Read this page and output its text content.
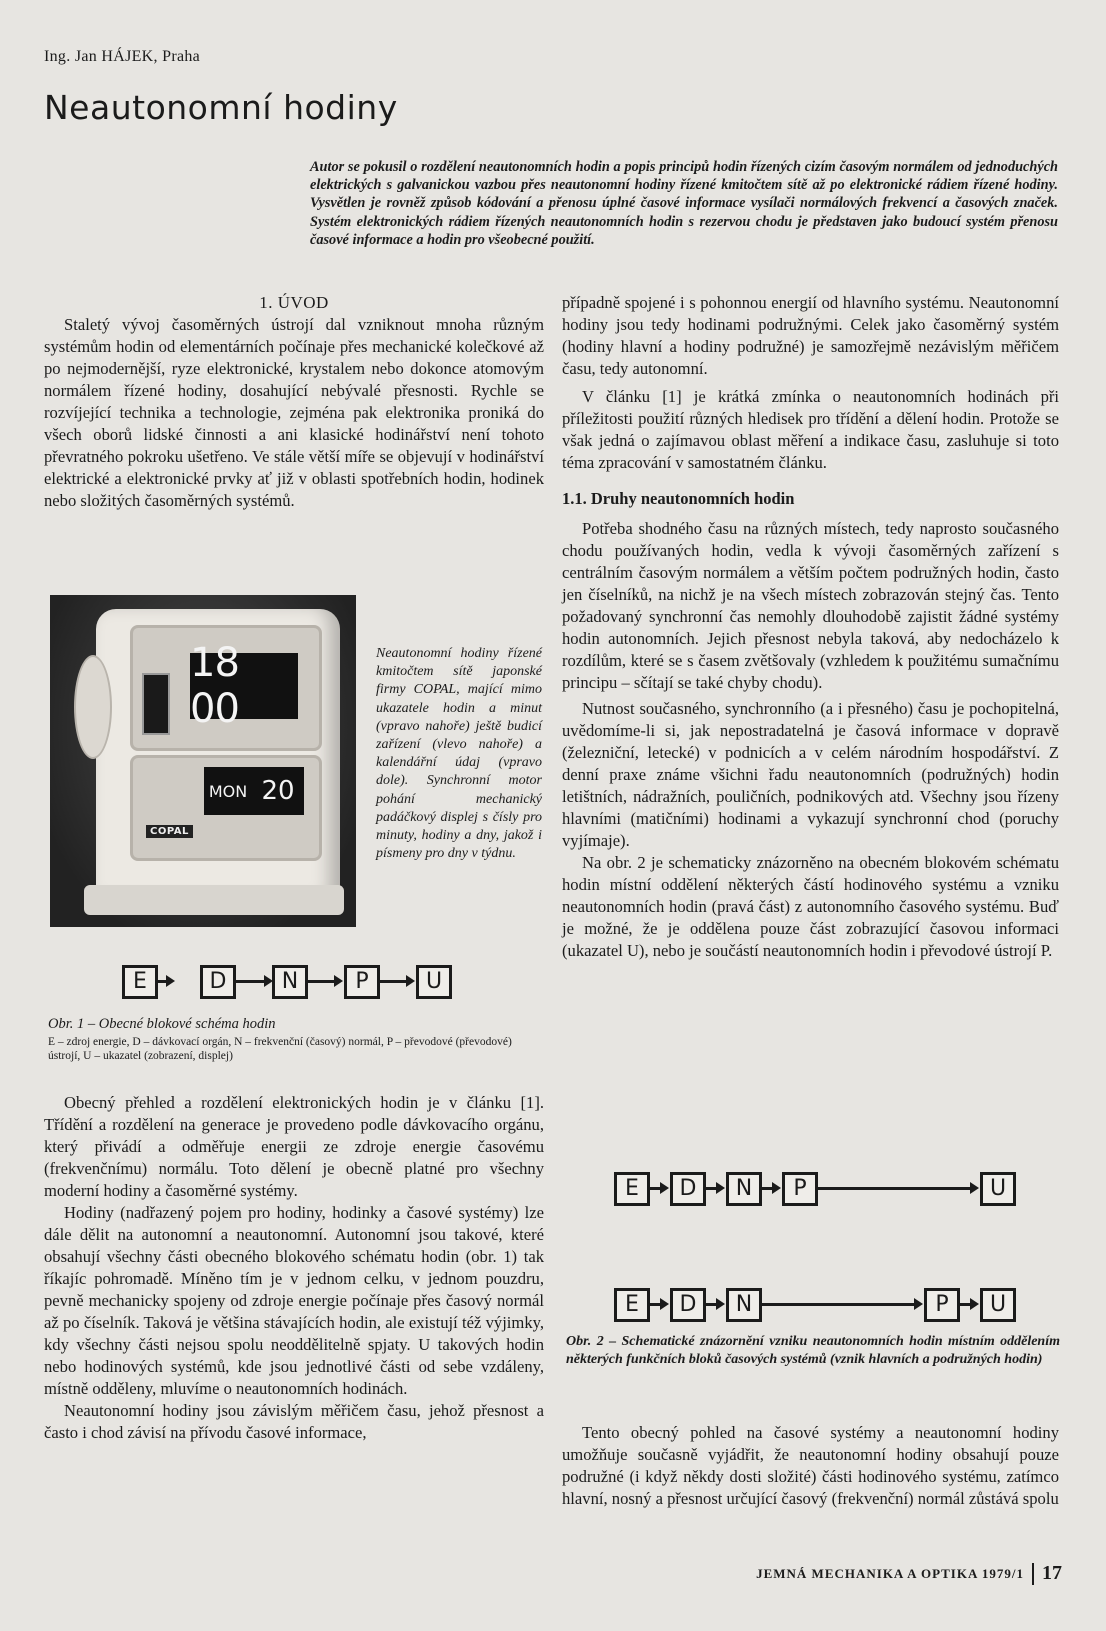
Ing. Jan HÁJEK, Praha
Neautonomní hodiny

Autor se pokusil o rozdělení neautonomních hodin a popis principů hodin řízených cizím časovým normálem od jednoduchých elektrických s galvanickou vazbou přes neautonomní hodiny řízené kmitočtem sítě až po elektronické rádiem řízené hodiny. Vysvětlen je rovněž způsob kódování a přenosu úplné časové informace vysílači normálových frekvencí a časových značek. Systém elektronických rádiem řízených neautonomních hodin s rezervou chodu je představen jako budoucí systém přenosu časové informace a hodin pro všeobecné použití.

1. ÚVOD

Staletý vývoj časoměrných ústrojí dal vzniknout mnoha různým systémům hodin od elementárních počínaje přes mechanické kolečkové až po nejmodernější, ryze elektronické, krystalem nebo dokonce atomovým normálem řízené hodiny, dosahující nebývalé přesnosti. Rychle se rozvíjející technika a technologie, zejména pak elektronika proniká do všech oborů lidské činnosti a ani klasické hodinářství není tohoto převratného pokroku ušetřeno. Ve stále větší míře se objevují v hodinářství elektrické a elektronické prvky ať již v oblasti spotřebních hodin, hodinek nebo složitých časoměrných systémů.

18 00
MON 20
COPAL

Neautonomní hodiny řízené kmitočtem sítě japonské firmy COPAL, mající mimo ukazatele hodin a minut (vpravo nahoře) ještě budicí zařízení (vlevo nahoře) a kalendářní údaj (vpravo dole). Synchronní motor pohání mechanický padáčkový displej s čísly pro minuty, hodiny a dny, jakož i písmeny pro dny v týdnu.

E	D	N	P	U

Obr. 1 – Obecné blokové schéma hodin

E – zdroj energie, D – dávkovací orgán, N – frekvenční (časový) normál, P – převodové (převodové) ústrojí, U – ukazatel (zobrazení, displej)

Obecný přehled a rozdělení elektronických hodin je v článku [1]. Třídění a rozdělení na generace je provedeno podle dávkovacího orgánu, který přivádí a odměřuje energii ze zdroje energie časovému (frekvenčnímu) normálu. Toto dělení je obecně platné pro všechny moderní hodiny a časoměrné systémy.

Hodiny (nadřazený pojem pro hodiny, hodinky a časové systémy) lze dále dělit na autonomní a neautonomní. Autonomní jsou takové, které obsahují všechny části obecného blokového schématu hodin (obr. 1) tak říkajíc pohromadě. Míněno tím je v jednom celku, v jednom pouzdru, pevně mechanicky spojeny od zdroje energie počínaje přes časový normál až po číselník. Taková je většina stávajících hodin, ale existují též výjimky, kdy všechny části nejsou spolu neoddělitelně spjaty. U takových hodin nebo hodinových systémů, kde jsou jednotlivé části od sebe vzdáleny, místně odděleny, mluvíme o neautonomních hodinách.

Neautonomní hodiny jsou závislým měřičem času, jehož přesnost a často i chod závisí na přívodu časové informace,

případně spojené i s pohonnou energií od hlavního systému. Neautonomní hodiny jsou tedy hodinami podružnými. Celek jako časoměrný systém (hodiny hlavní a hodiny podružné) je samozřejmě nezávislým měřičem času, tedy autonomní.

V článku [1] je krátká zmínka o neautonomních hodinách při příležitosti použití různých hledisek pro třídění a dělení hodin. Protože se však jedná o zajímavou oblast měření a indikace času, zasluhuje si toto téma zpracování v samostatném článku.

1.1. Druhy neautonomních hodin

Potřeba shodného času na různých místech, tedy naprosto současného chodu používaných hodin, vedla k vývoji časoměrných zařízení s centrálním časovým normálem a větším počtem podružných hodin, často jen číselníků, na nichž je na všech místech zobrazován stejný čas. Tento požadovaný synchronní čas nemohly dlouhodobě zajistit žádné systémy hodin autonomních. Jejich přesnost nebyla taková, aby nedocházelo k rozdílům, které se s časem zvětšovaly (vzhledem k použitému sumačnímu principu – sčítají se také chyby chodu).

Nutnost současného, synchronního (a i přesného) času je pochopitelná, uvědomíme-li si, jak nepostradatelná je časová informace v dopravě (železniční, letecké) v podnicích a v celém národním hospodářství. Z denní praxe známe všichni řadu neautonomních (podružných) hodin letištních, nádražních, pouličních, podnikových atd. Všechny jsou řízeny hlavními (matičními) hodinami a vykazují synchronní chod (poruchy vyjímaje).

Na obr. 2 je schematicky znázorněno na obecném blokovém schématu hodin místní oddělení některých částí hodinového systému a vzniku neautonomních hodin (pravá část) z autonomního časového systému. Buď je možné, že je oddělena pouze část zobrazující časovou informaci (ukazatel U), nebo je součástí neautonomních hodin i převodové ústrojí P.

E	D	N	P	U
E	D	N	P	U

Obr. 2 – Schematické znázornění vzniku neautonomních hodin místním oddělením některých funkčních bloků časových systémů (vznik hlavních a podružných hodin)

Tento obecný pohled na časové systémy a neautonomní hodiny umožňuje současně vyjádřit, že neautonomní hodiny obsahují pouze podružné (i když někdy dosti složité) části hodinového systému, zatímco hlavní, nosný a přesnost určující časový (frekvenční) normál zůstává spolu

JEMNÁ MECHANIKA A OPTIKA 1979/1 17
